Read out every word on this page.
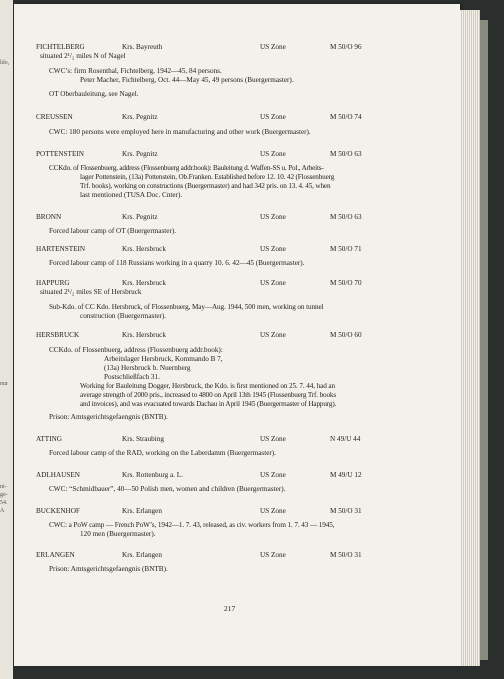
ldo,
nur
ni-
ge-
54.
A
FICHTELBERG	Krs. Bayreuth	US Zone	M 50/O 96
situated 2¹/₂ miles N of Nagel
CWC’s: firm Rosenthal, Fichtelberg, 1942—45, 84 persons.
Peter Macher, Fichtelberg, Oct. 44—May 45, 49 persons (Buergermaster).
OT Oberbauleitung, see Nagel.
CREUSSEN	Krs. Pegnitz	US Zone	M 50/O 74
CWC: 180 persons were employed here in manufacturing and other work (Buergermaster).
POTTENSTEIN	Krs. Pegnitz	US Zone	M 50/O 63
CCKdo. of Flossenbuerg, address (Flossenbuerg addr.book): Bauleitung d. Waffen-SS u. Pol., Arbeits-
lager Pottenstein, (13a) Pottenstein, Ob.Franken. Established before 12. 10. 42 (Flossenbuerg
Trf. books), working on constructions (Buergermaster) and had 342 pris. on 13. 4. 45, when
last mentioned (TUSA Doc. Cnter).
BRONN	Krs. Pegnitz	US Zone	M 50/O 63
Forced labour camp of OT (Buergermaster).
HARTENSTEIN	Krs. Hersbruck	US Zone	M 50/O 71
Forced labour camp of 118 Russians working in a quarry 10. 6. 42—45 (Buergermaster).
HAPPURG	Krs. Hersbruck	US Zone	M 50/O 70
situated 2¹/₂ miles SE of Hersbruck
Sub-Kdo. of CC Kdo. Hersbruck, of Flossenbuerg, May—Aug. 1944, 500 men, working on tunnel
construction (Buergermaster).
HERSBRUCK	Krs. Hersbruck	US Zone	M 50/O 60
CCKdo. of Flossenbuerg, address (Flossenbuerg addr.book):
Arbeitslager Hersbruck, Kommando B 7,
(13a) Hersbruck b. Nuernberg
Postschließfach 31.
Working for Bauleitung Dogger, Hersbruck, the Kdo. is first mentioned on 25. 7. 44, had an
average strength of 2000 pris., increased to 4800 on April 13th 1945 (Flossenbuerg Trf. books
and invoices), and was evacuated towards Dachau in April 1945 (Buergermaster of Happurg).
Prison: Amtsgerichtsgefaengnis (BNTB).
ATTING	Krs. Straubing	US Zone	N 49/U 44
Forced labour camp of the RAD, working on the Laberdamm (Buergermaster).
ADLHAUSEN	Krs. Rottenburg a. L.	US Zone	M 49/U 12
CWC: “Schmidbauer”, 40—50 Polish men, women and children (Buergermaster).
BUCKENHOF	Krs. Erlangen	US Zone	M 50/O 31
CWC: a PoW camp — French PoW’s, 1942—1. 7. 43, released, as civ. workers from 1. 7. 43 — 1945,
120 men (Buergermaster).
ERLANGEN	Krs. Erlangen	US Zone	M 50/O 31
Prison: Amtsgerichtsgefaengnis (BNTB).
217
